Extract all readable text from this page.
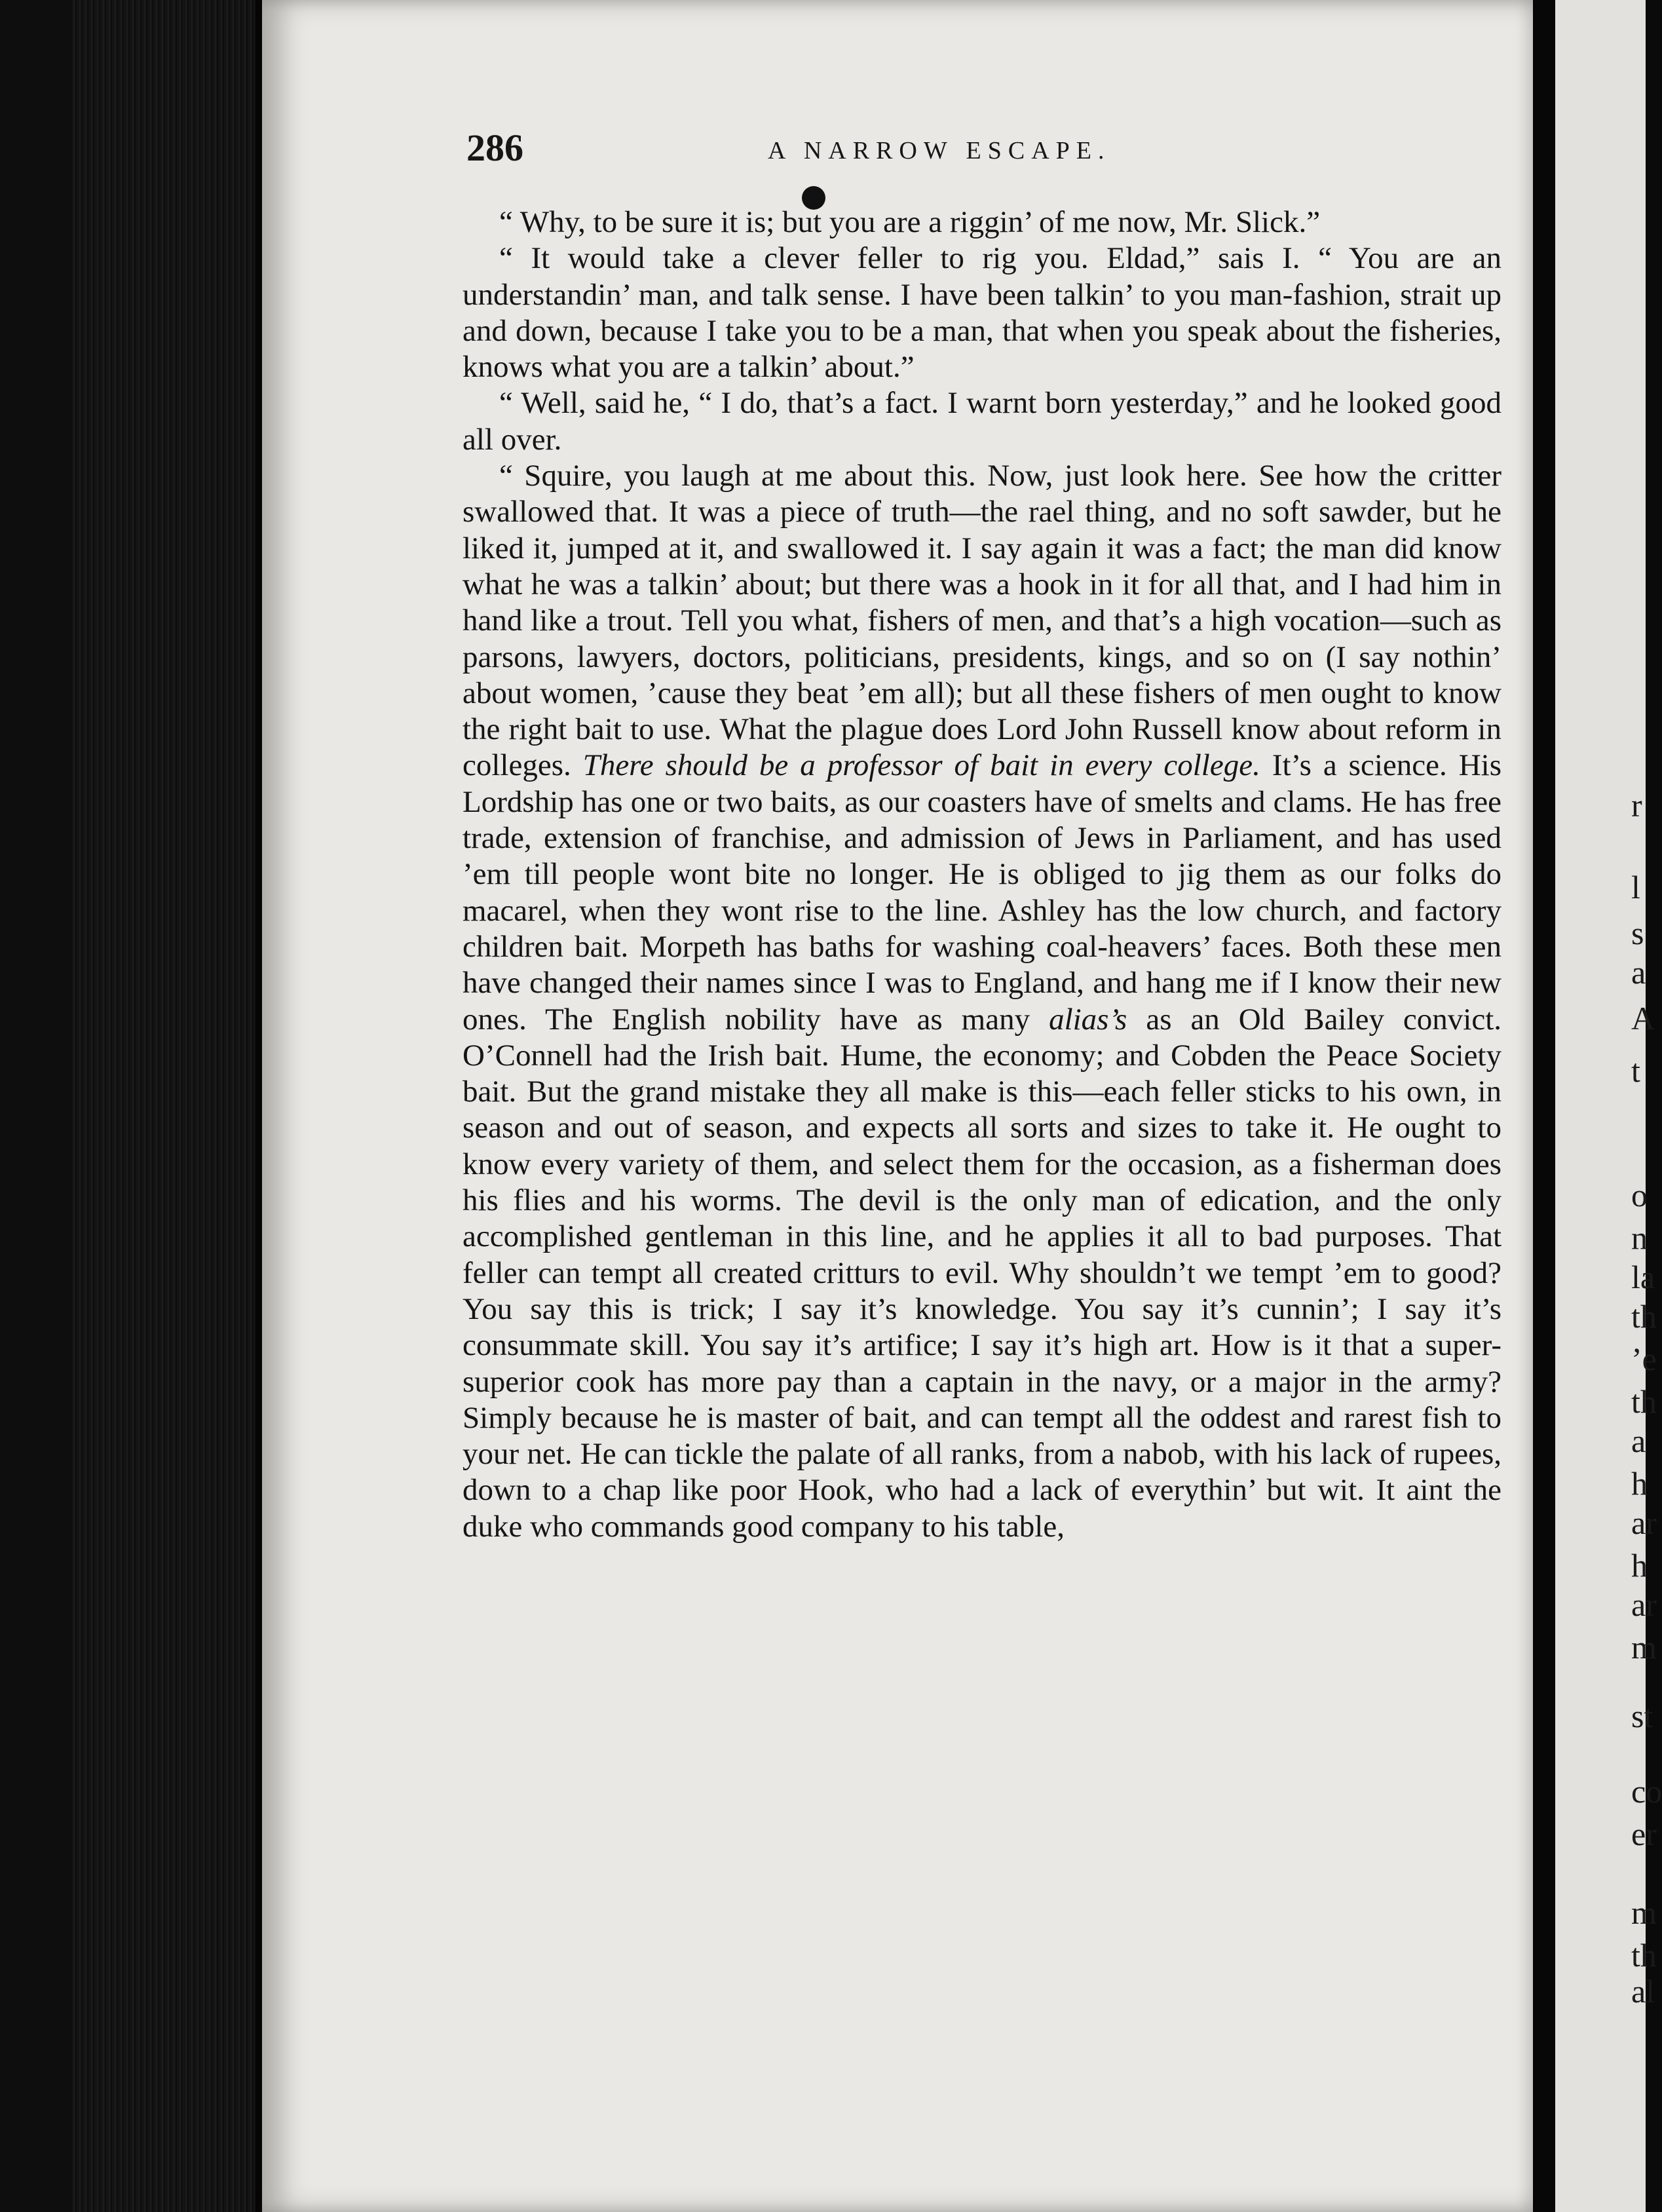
286	A NARROW ESCAPE.

“ Why, to be sure it is; but you are a riggin’ of me now, Mr. Slick.”

“ It would take a clever feller to rig you. Eldad,” sais I. “ You are an understandin’ man, and talk sense. I have been talkin’ to you man-fashion, strait up and down, because I take you to be a man, that when you speak about the fisheries, knows what you are a talkin’ about.”

“ Well, said he, “ I do, that’s a fact. I warnt born yesterday,” and he looked good all over.

“ Squire, you laugh at me about this. Now, just look here. See how the critter swallowed that. It was a piece of truth—the rael thing, and no soft sawder, but he liked it, jumped at it, and swallowed it. I say again it was a fact; the man did know what he was a talkin’ about; but there was a hook in it for all that, and I had him in hand like a trout. Tell you what, fishers of men, and that’s a high vocation—such as parsons, lawyers, doctors, politicians, presidents, kings, and so on (I say nothin’ about women, ’cause they beat ’em all); but all these fishers of men ought to know the right bait to use. What the plague does Lord John Russell know about reform in colleges. There should be a professor of bait in every college. It’s a science. His Lordship has one or two baits, as our coasters have of smelts and clams. He has free trade, extension of franchise, and admission of Jews in Parliament, and has used ’em till people wont bite no longer. He is obliged to jig them as our folks do macarel, when they wont rise to the line. Ashley has the low church, and factory children bait. Morpeth has baths for washing coal-heavers’ faces. Both these men have changed their names since I was to England, and hang me if I know their new ones. The English nobility have as many alias’s as an Old Bailey convict. O’Connell had the Irish bait. Hume, the economy; and Cobden the Peace Society bait. But the grand mistake they all make is this—each feller sticks to his own, in season and out of season, and expects all sorts and sizes to take it. He ought to know every variety of them, and select them for the occasion, as a fisherman does his flies and his worms. The devil is the only man of edication, and the only accomplished gentleman in this line, and he applies it all to bad purposes. That feller can tempt all created critturs to evil. Why shouldn’t we tempt ’em to good? You say this is trick; I say it’s knowledge. You say it’s cunnin’; I say it’s consummate skill. You say it’s artifice; I say it’s high art. How is it that a super-superior cook has more pay than a captain in the navy, or a major in the army? Simply because he is master of bait, and can tempt all the oddest and rarest fish to your net. He can tickle the palate of all ranks, from a nabob, with his lack of rupees, down to a chap like poor Hook, who had a lack of everythin’ but wit. It aint the duke who commands good company to his table,

r
l
s
a
A
t
o
n
la
th
’e
th
a
h
ar
h
ar
m
st
co
er
m
th
al
